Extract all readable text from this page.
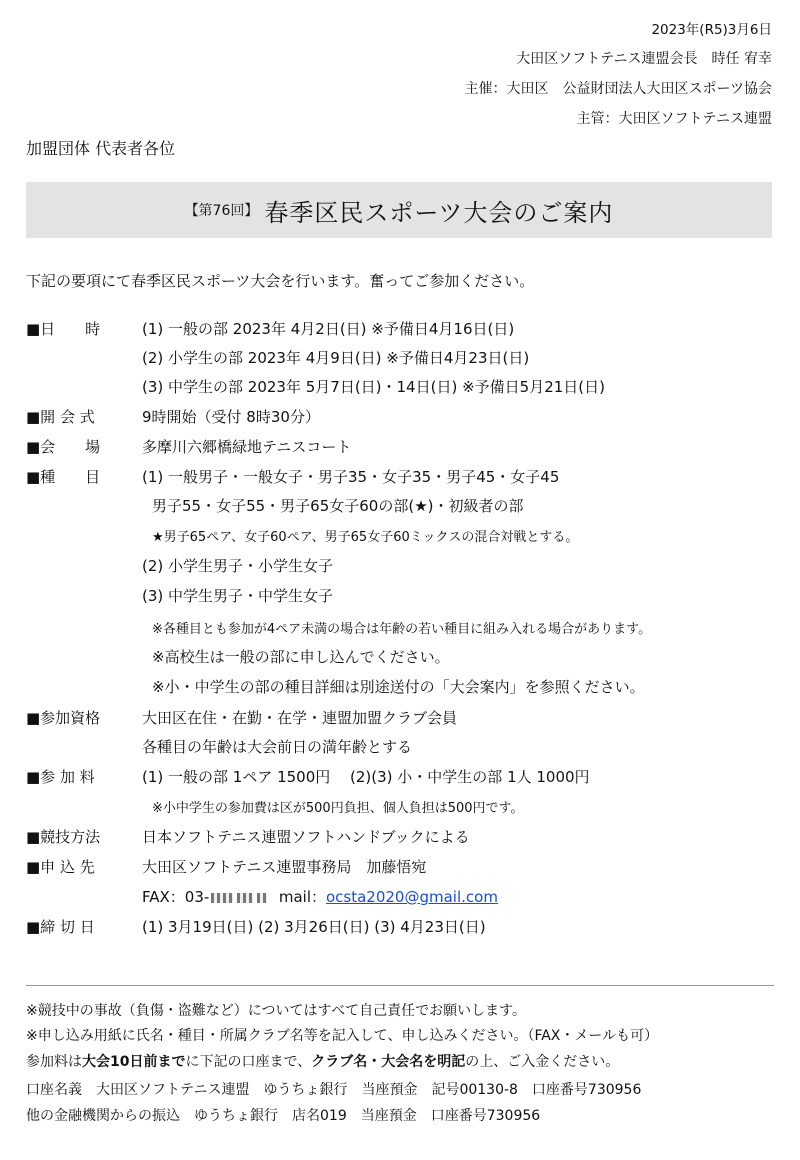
2023年(R5)3月6日
大田区ソフトテニス連盟会長　時任 宥幸
主催：大田区　公益財団法人大田区スポーツ協会
主管：大田区ソフトテニス連盟
加盟団体 代表者各位
【第76回】 春季区民スポーツ大会のご案内
下記の要項にて春季区民スポーツ大会を行います。奮ってご参加ください。
■日　　時	(1) 一般の部 2023年 4月2日(日) ※予備日4月16日(日)
(2) 小学生の部 2023年 4月9日(日) ※予備日4月23日(日)
(3) 中学生の部 2023年 5月7日(日)・14日(日) ※予備日5月21日(日)
■開 会 式	9時開始（受付 8時30分）
■会　　場	多摩川六郷橋緑地テニスコート
■種　　目	(1) 一般男子・一般女子・男子35・女子35・男子45・女子45
男子55・女子55・男子65女子60の部(★)・初級者の部
★男子65ペア、女子60ペア、男子65女子60ミックスの混合対戦とする。
(2) 小学生男子・小学生女子
(3) 中学生男子・中学生女子
※各種目とも参加が4ペア未満の場合は年齢の若い種目に組み入れる場合があります。
※高校生は一般の部に申し込んでください。
※小・中学生の部の種目詳細は別途送付の「大会案内」を参照ください。
■参加資格	大田区在住・在勤・在学・連盟加盟クラブ会員
各種目の年齢は大会前日の満年齢とする
■参 加 料	(1) 一般の部 1ペア 1500円　 (2)(3) 小・中学生の部 1人 1000円
※小中学生の参加費は区が500円負担、個人負担は500円です。
■競技方法	日本ソフトテニス連盟ソフトハンドブックによる
■申 込 先	大田区ソフトテニス連盟事務局　加藤悟宛
FAX：03-	mail：ocsta2020@gmail.com
■締 切 日	(1) 3月19日(日) (2) 3月26日(日) (3) 4月23日(日)
※競技中の事故（負傷・盗難など）についてはすべて自己責任でお願いします。
※申し込み用紙に氏名・種目・所属クラブ名等を記入して、申し込みください。（FAX・メールも可）
参加料は大会10日前までに下記の口座まで、クラブ名・大会名を明記の上、ご入金ください。
口座名義　大田区ソフトテニス連盟　ゆうちょ銀行　当座預金　記号00130-8　口座番号730956
他の金融機関からの振込　ゆうちょ銀行　店名019　当座預金　口座番号730956
